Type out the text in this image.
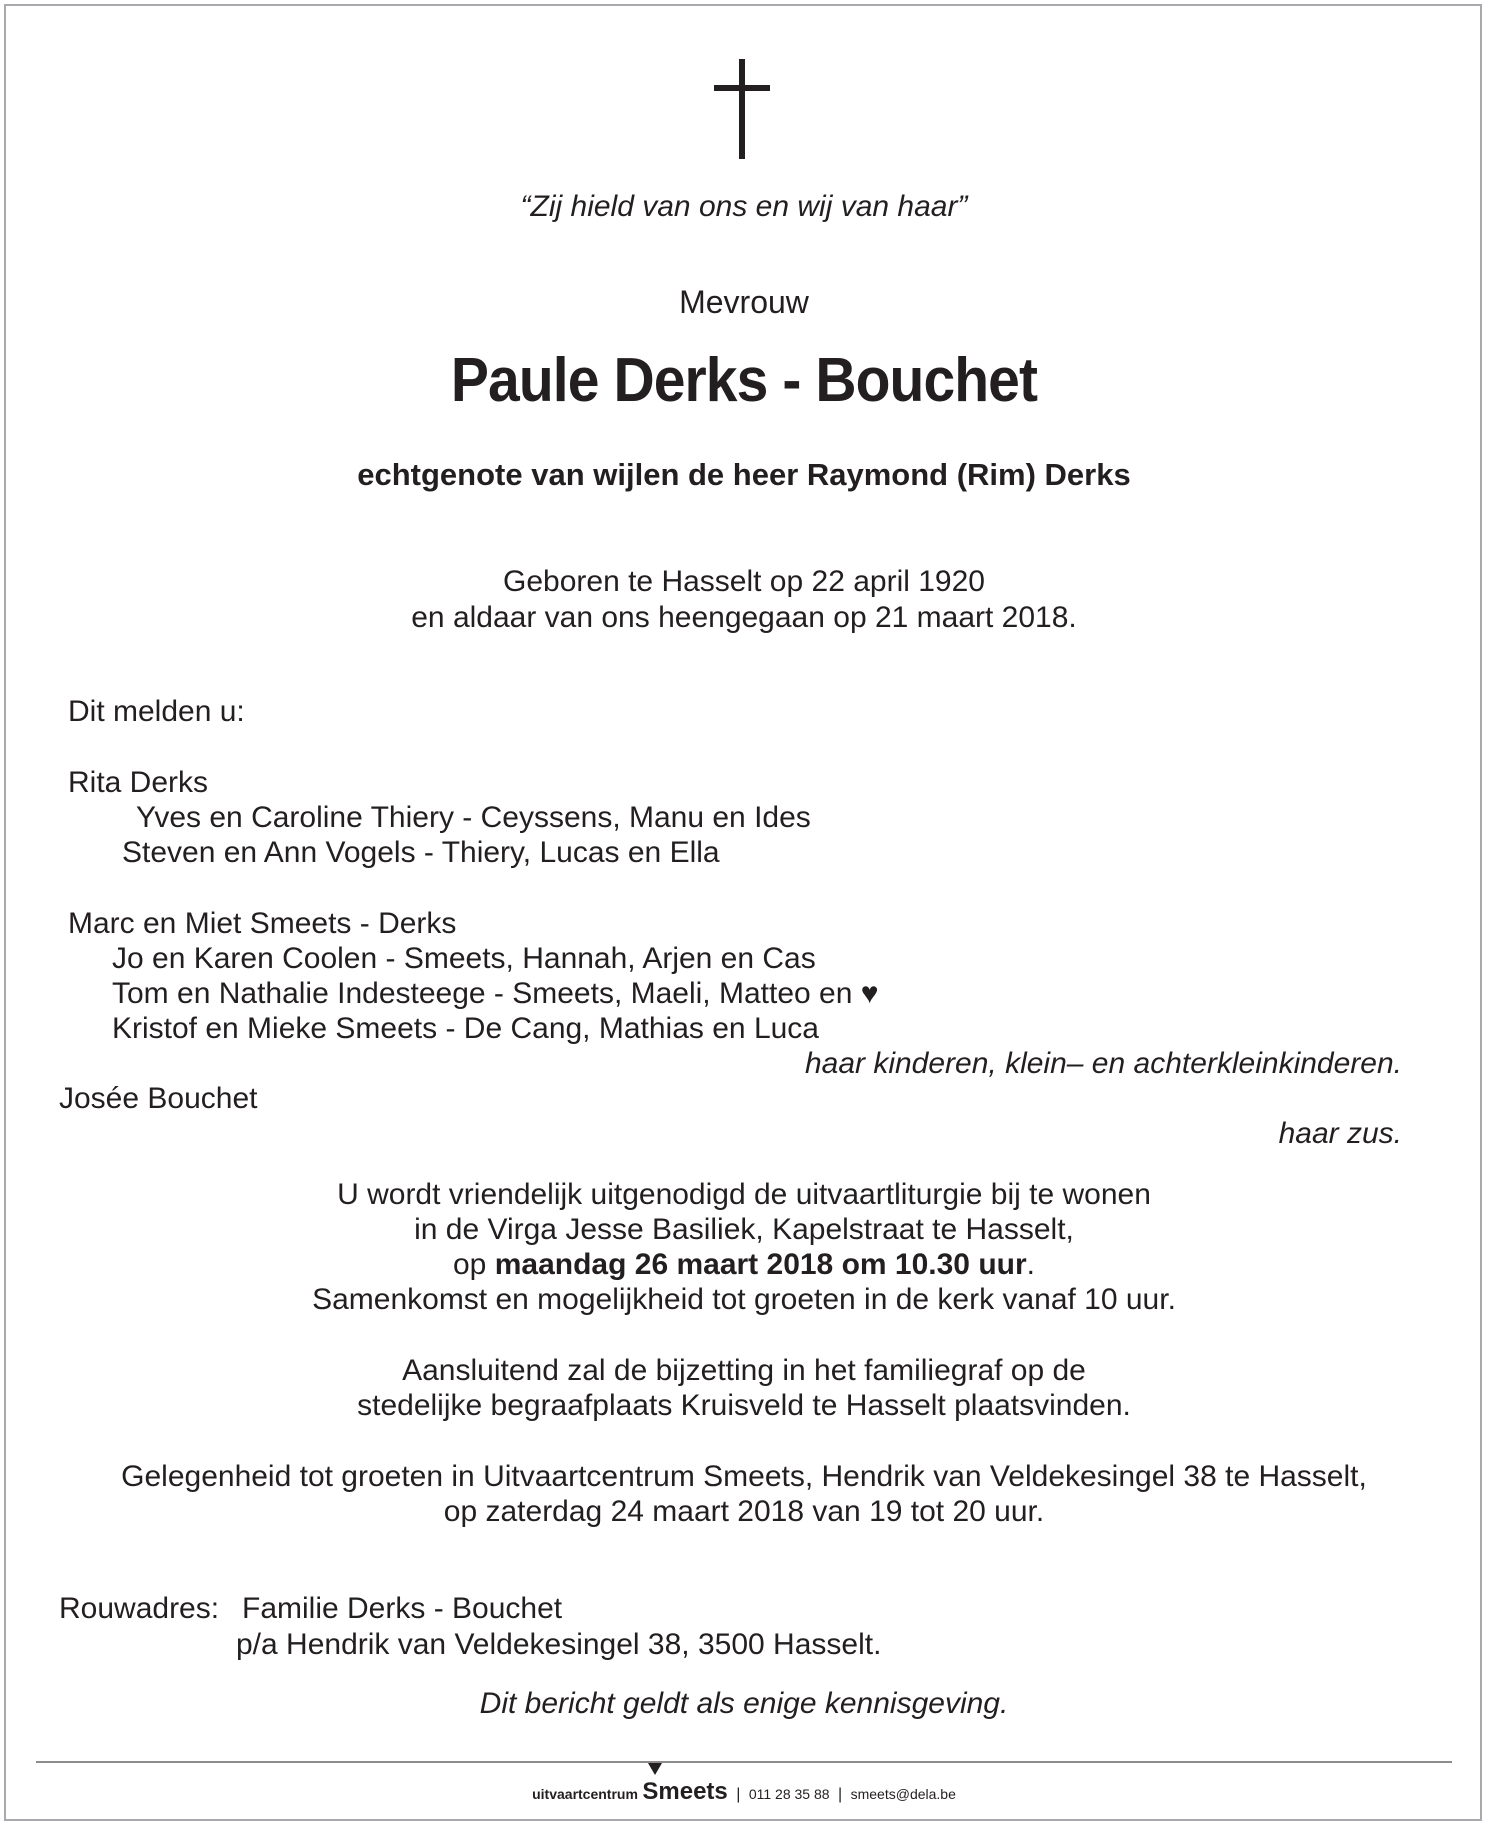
“Zij hield van ons en wij van haar”
Mevrouw
Paule Derks - Bouchet
echtgenote van wijlen de heer Raymond (Rim) Derks
Geboren te Hasselt op 22 april 1920
en aldaar van ons heengegaan op 21 maart 2018.
Dit melden u:
Rita Derks
Yves en Caroline Thiery - Ceyssens, Manu en Ides
Steven en Ann Vogels - Thiery, Lucas en Ella
Marc en Miet Smeets - Derks
Jo en Karen Coolen - Smeets, Hannah, Arjen en Cas
Tom en Nathalie Indesteege - Smeets, Maeli, Matteo en ♥
Kristof en Mieke Smeets - De Cang, Mathias en Luca
haar kinderen, klein– en achterkleinkinderen.
Josée Bouchet
haar zus.
U wordt vriendelijk uitgenodigd de uitvaartliturgie bij te wonen
in de Virga Jesse Basiliek, Kapelstraat te Hasselt,
op maandag 26 maart 2018 om 10.30 uur.
Samenkomst en mogelijkheid tot groeten in de kerk vanaf 10 uur.
Aansluitend zal de bijzetting in het familiegraf op de
stedelijke begraafplaats Kruisveld te Hasselt plaatsvinden.
Gelegenheid tot groeten in Uitvaartcentrum Smeets, Hendrik van Veldekesingel 38 te Hasselt,
op zaterdag 24 maart 2018 van 19 tot 20 uur.
Rouwadres: Familie Derks - Bouchet
p/a Hendrik van Veldekesingel 38, 3500 Hasselt.
Dit bericht geldt als enige kennisgeving.
uitvaartcentrum Smeets | 011 28 35 88 | smeets@dela.be
